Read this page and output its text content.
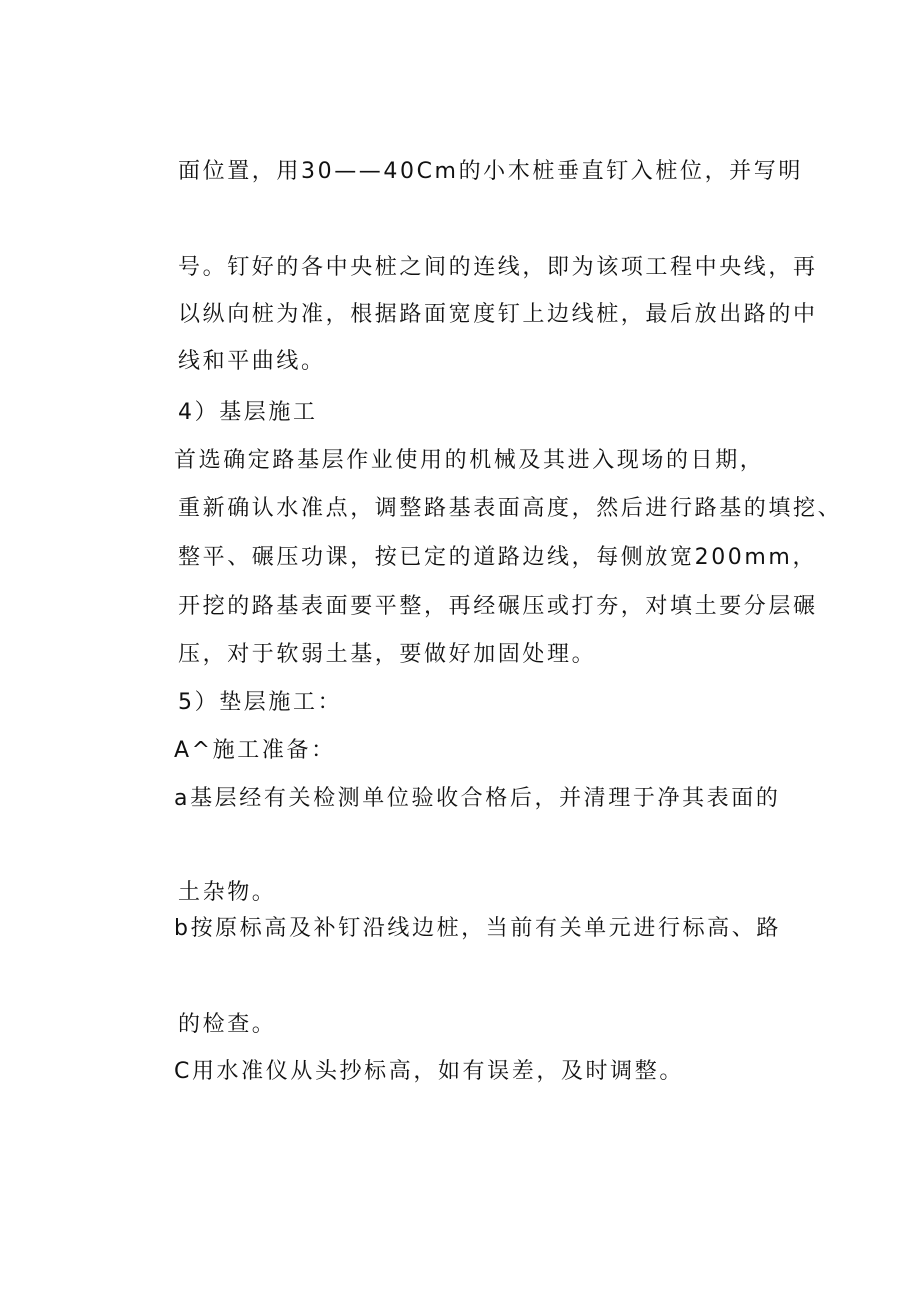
面位置，用30——40Cm的小木桩垂直钉入桩位，并写明

号。钉好的各中央桩之间的连线，即为该项工程中央线，再

以纵向桩为准，根据路面宽度钉上边线桩，最后放出路的中

线和平曲线。

4）基层施工

首选确定路基层作业使用的机械及其进入现场的日期，

重新确认水准点，调整路基表面高度，然后进行路基的填挖、

整平、碾压功课，按已定的道路边线，每侧放宽200mm，

开挖的路基表面要平整，再经碾压或打夯，对填土要分层碾

压，对于软弱土基，要做好加固处理。

5）垫层施工：

A^施工准备：

a基层经有关检测单位验收合格后，并清理于净其表面的

土杂物。

b按原标高及补钉沿线边桩，当前有关单元进行标高、路

的检查。

C用水准仪从头抄标高，如有误差，及时调整。
